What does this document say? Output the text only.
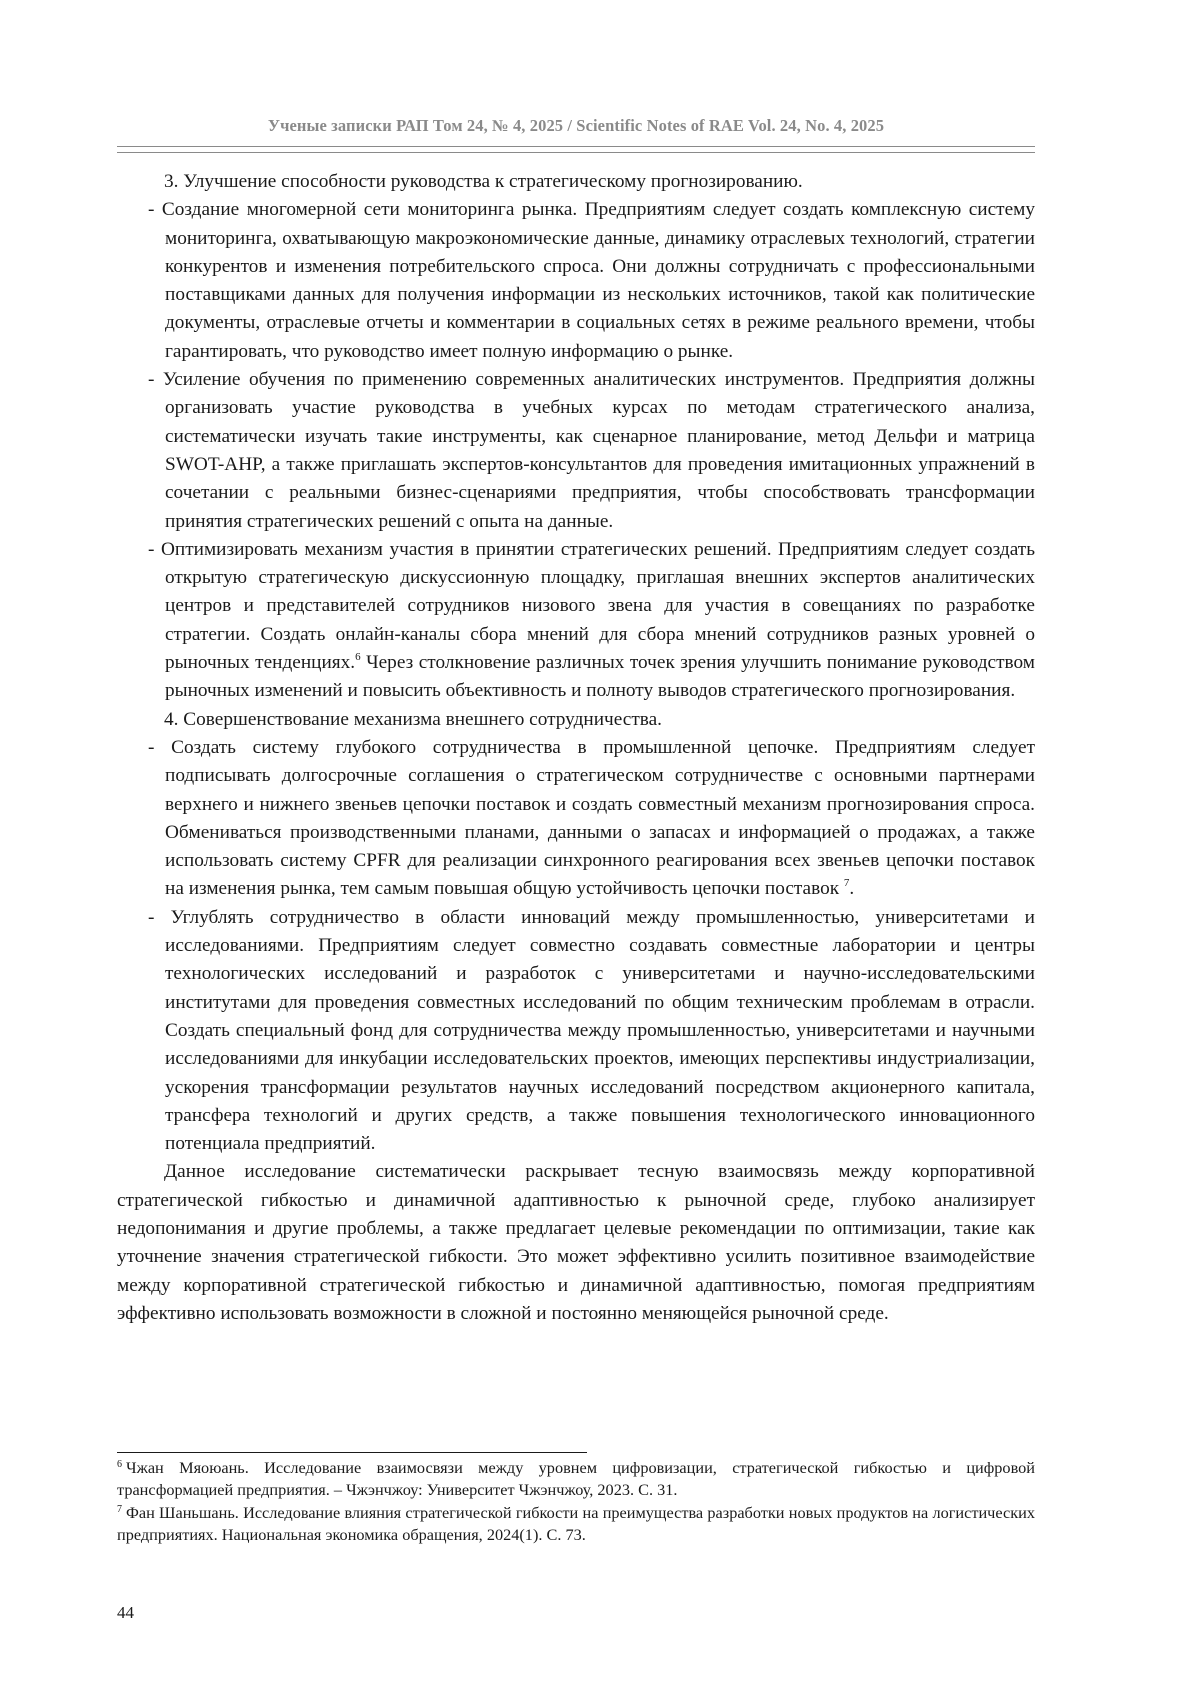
Ученые записки РАП Том 24, № 4, 2025 / Scientific Notes of RAE Vol. 24, No. 4, 2025

3. Улучшение способности руководства к стратегическому прогнозированию.

- Создание многомерной сети мониторинга рынка. Предприятиям следует создать комплексную систему мониторинга, охватывающую макроэкономические данные, динамику отраслевых технологий, стратегии конкурентов и изменения потребительского спроса. Они должны сотрудничать с профессиональными поставщиками данных для получения информации из нескольких источников, такой как политические документы, отраслевые отчеты и комментарии в социальных сетях в режиме реального времени, чтобы гарантировать, что руководство имеет полную информацию о рынке.

- Усиление обучения по применению современных аналитических инструментов. Предприятия должны организовать участие руководства в учебных курсах по методам стратегического анализа, систематически изучать такие инструменты, как сценарное планирование, метод Дельфи и матрица SWOT-AHP, а также приглашать экспертов-консультантов для проведения имитационных упражнений в сочетании с реальными бизнес-сценариями предприятия, чтобы способствовать трансформации принятия стратегических решений с опыта на данные.

- Оптимизировать механизм участия в принятии стратегических решений. Предприятиям следует создать открытую стратегическую дискуссионную площадку, приглашая внешних экспертов аналитических центров и представителей сотрудников низового звена для участия в совещаниях по разработке стратегии. Создать онлайн-каналы сбора мнений для сбора мнений сотрудников разных уровней о рыночных тенденциях.$^6$ Через столкновение различных точек зрения улучшить понимание руководством рыночных изменений и повысить объективность и полноту выводов стратегического прогнозирования.

4. Совершенствование механизма внешнего сотрудничества.

- Создать систему глубокого сотрудничества в промышленной цепочке. Предприятиям следует подписывать долгосрочные соглашения о стратегическом сотрудничестве с основными партнерами верхнего и нижнего звеньев цепочки поставок и создать совместный механизм прогнозирования спроса. Обмениваться производственными планами, данными о запасах и информацией о продажах, а также использовать систему CPFR для реализации синхронного реагирования всех звеньев цепочки поставок на изменения рынка, тем самым повышая общую устойчивость цепочки поставок $^7$.

- Углублять сотрудничество в области инноваций между промышленностью, университетами и исследованиями. Предприятиям следует совместно создавать совместные лаборатории и центры технологических исследований и разработок с университетами и научно-исследовательскими институтами для проведения совместных исследований по общим техническим проблемам в отрасли. Создать специальный фонд для сотрудничества между промышленностью, университетами и научными исследованиями для инкубации исследовательских проектов, имеющих перспективы индустриализации, ускорения трансформации результатов научных исследований посредством акционерного капитала, трансфера технологий и других средств, а также повышения технологического инновационного потенциала предприятий.

Данное исследование систематически раскрывает тесную взаимосвязь между корпоративной стратегической гибкостью и динамичной адаптивностью к рыночной среде, глубоко анализирует недопонимания и другие проблемы, а также предлагает целевые рекомендации по оптимизации, такие как уточнение значения стратегической гибкости. Это может эффективно усилить позитивное взаимодействие между корпоративной стратегической гибкостью и динамичной адаптивностью, помогая предприятиям эффективно использовать возможности в сложной и постоянно меняющейся рыночной среде.

$^6$ Чжан Мяоюань. Исследование взаимосвязи между уровнем цифровизации, стратегической гибкостью и цифровой трансформацией предприятия. – Чжэнчжоу: Университет Чжэнчжоу, 2023. С. 31.

$^7$ Фан Шаньшань. Исследование влияния стратегической гибкости на преимущества разработки новых продуктов на логистических предприятиях. Национальная экономика обращения, 2024(1). С. 73.

44
